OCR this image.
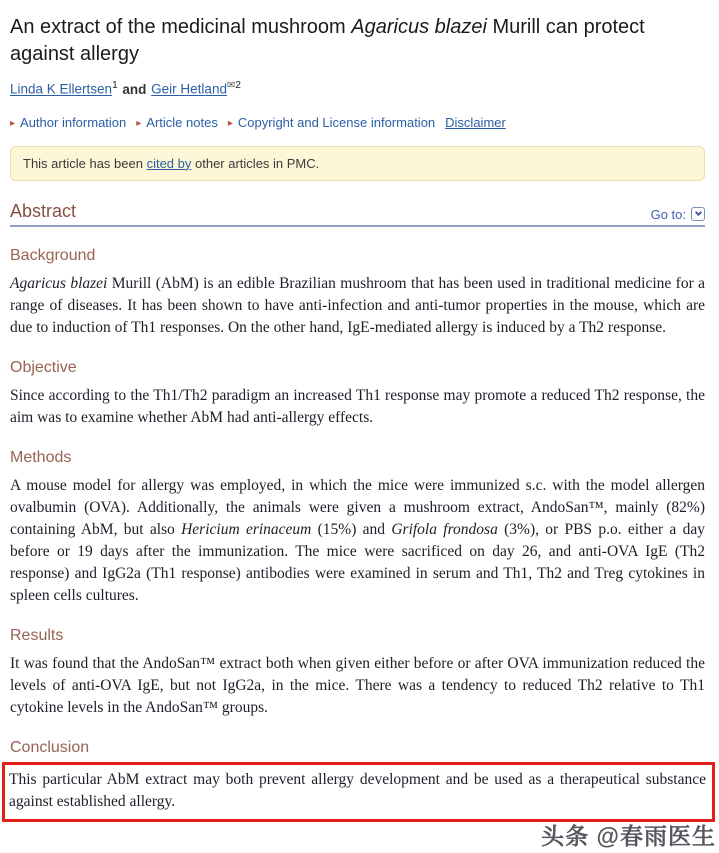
An extract of the medicinal mushroom Agaricus blazei Murill can protect against allergy
Linda K Ellertsen$^1$ and Geir Hetland$^{✉2}$
▸ Author information ▸ Article notes ▸ Copyright and License information Disclaimer
This article has been cited by other articles in PMC.
Abstract	Go to:
Background

Agaricus blazei Murill (AbM) is an edible Brazilian mushroom that has been used in traditional medicine for a range of diseases. It has been shown to have anti-infection and anti-tumor properties in the mouse, which are due to induction of Th1 responses. On the other hand, IgE-mediated allergy is induced by a Th2 response.

Objective

Since according to the Th1/Th2 paradigm an increased Th1 response may promote a reduced Th2 response, the aim was to examine whether AbM had anti-allergy effects.

Methods

A mouse model for allergy was employed, in which the mice were immunized s.c. with the model allergen ovalbumin (OVA). Additionally, the animals were given a mushroom extract, AndoSan™, mainly (82%) containing AbM, but also Hericium erinaceum (15%) and Grifola frondosa (3%), or PBS p.o. either a day before or 19 days after the immunization. The mice were sacrificed on day 26, and anti-OVA IgE (Th2 response) and IgG2a (Th1 response) antibodies were examined in serum and Th1, Th2 and Treg cytokines in spleen cells cultures.

Results

It was found that the AndoSan™ extract both when given either before or after OVA immunization reduced the levels of anti-OVA IgE, but not IgG2a, in the mice. There was a tendency to reduced Th2 relative to Th1 cytokine levels in the AndoSan™ groups.

Conclusion

This particular AbM extract may both prevent allergy development and be used as a therapeutical substance against established allergy.

头条 @春雨医生
